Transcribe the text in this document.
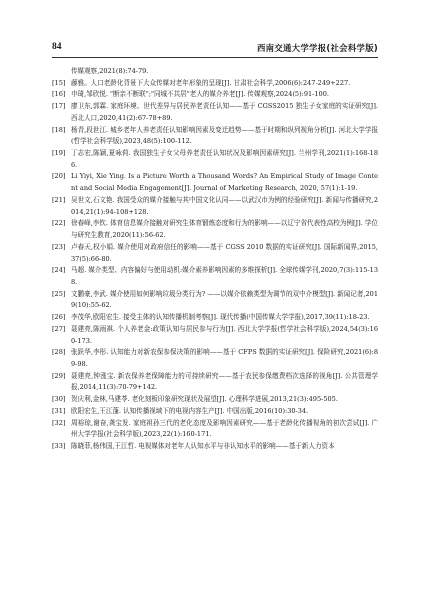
84	西南交通大学学报(社会科学版)
传媒观察,2021(8):74-79.
[15] 藤雅。人口老龄化背景下大众传媒对老年形象的呈现[J]. 甘肃社会科学,2006(6):247-249+227.
[16] 申琦,邹欣悦. "断亲不断联";"同城不共居"老人的媒介养老[J]. 传媒观察,2024(5):91-100.
[17] 廖卫东,郭霖. 家庭环境、世代差异与居民养老责任认知——基于 CGSS2015 独生子女家庭的实证研究[J]. 西北人口,2020,41(2):67-78+89.
[18] 杨青,段世江. 城乡老年人养老责任认知影响因素及变迁趋势——基于时期和纵列视角分析[J]. 河北大学学报(哲学社会科学版),2023,48(5):100-112.
[19] 丁志宏,陈颖,夏咏荷. 我国独生子女父母养老责任认知状况及影响因素研究[J]. 兰州学刊,2021(1):168-186.
[20] Li Yiyi, Xie Ying. Is a Picture Worth a Thousand Words? An Empirical Study of Image Content and Social Media Engagement[J]. Journal of Marketing Research, 2020, 57(1):1-19.
[21] 吴世文,石文艳. 我国受众的媒介接触与其中国文化认同——以武汉市为例的经验研究[J]. 新闻与传播研究,2014,21(1):94-108+128.
[22] 徐春峰,李钦. 体育信息媒介接触对研究生体育锻炼态度和行为的影响——以辽宁省代表性高校为例[J]. 学位与研究生教育,2020(11):56-62.
[23] 卢春天,权小娟. 媒介使用对政府信任的影响——基于 CGSS 2010 数据的实证研究[J]. 国际新闻界,2015,37(5):66-80.
[24] 马超. 媒介类型、内容偏好与使用动机:媒介素养影响因素的多维探析[J]. 全球传媒学刊,2020,7(3):115-138.
[25] 文鹏豪,李武. 媒介使用如何影响垃圾分类行为? ——以媒介依赖类型为调节的双中介模型[J]. 新闻记者,2019(10):55-62.
[26] 李茂华,欧阳宏生. 接受主体的认知传播机制考察[J]. 现代传播(中国传媒大学学报),2017,39(11):18-23.
[27] 聂建亮,陈雨祺. 个人养老金:政策认知与居民参与行为[J]. 西北大学学报(哲学社会科学版),2024,54(3):160-173.
[28] 张跃华,李彤. 认知能力对新农保参保决策的影响——基于 CFPS 数据的实证研究[J]. 保险研究,2021(6):89-98.
[29] 聂建亮,钟涨宝. 新农保养老保障能力的可持续研究——基于农民参保缴费档次选择的视角[J]. 公共管理学报,2014,11(3):70-79+142.
[30] 贺庆利,金林,马建苓. 老化刻板印象研究现状及展望[J]. 心理科学进展,2013,21(3):495-505.
[31] 欧阳宏生,王江蓬. 认知传播视域下的电视内容生产[J]. 中国出版,2016(10):30-34.
[32] 周裕琼,谢奋,龚宝发. 家庭祖孙三代的老化态度及影响因素研究——基于老龄化传播视角的初次尝试[J]. 广州大学学报(社会科学版),2023,22(1):160-171.
[33] 陈晓菲,杨伟国,王江哲. 电视媒体对老年人认知水平与非认知水平的影响——基于新人力资本
